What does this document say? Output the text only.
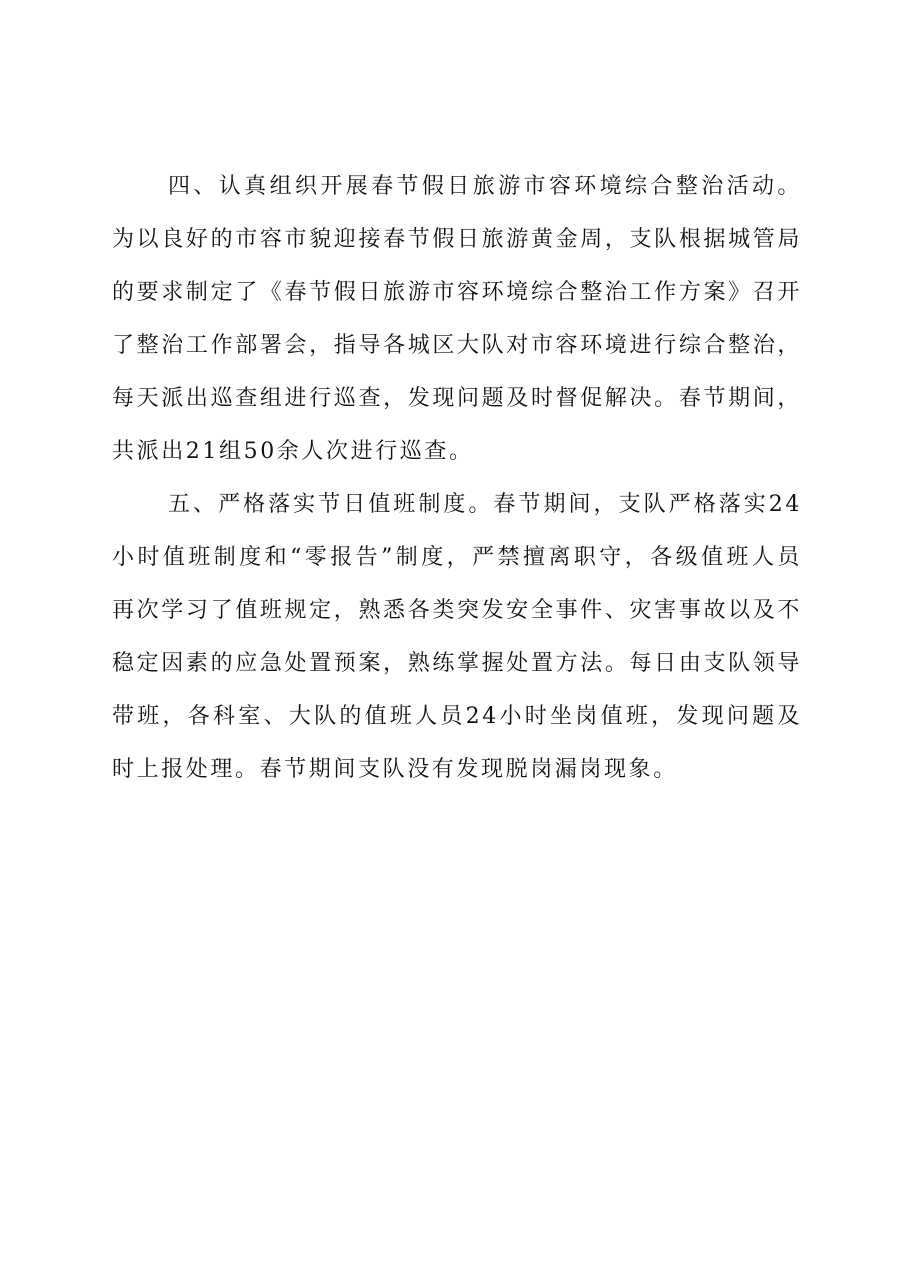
四、认真组织开展春节假日旅游市容环境综合整治活动。为以良好的市容市貌迎接春节假日旅游黄金周，支队根据城管局的要求制定了《春节假日旅游市容环境综合整治工作方案》召开了整治工作部署会，指导各城区大队对市容环境进行综合整治，每天派出巡查组进行巡查，发现问题及时督促解决。春节期间，共派出21组50余人次进行巡查。

五、严格落实节日值班制度。春节期间，支队严格落实24小时值班制度和“零报告”制度，严禁擅离职守，各级值班人员再次学习了值班规定，熟悉各类突发安全事件、灾害事故以及不稳定因素的应急处置预案，熟练掌握处置方法。每日由支队领导带班，各科室、大队的值班人员24小时坐岗值班，发现问题及时上报处理。春节期间支队没有发现脱岗漏岗现象。
